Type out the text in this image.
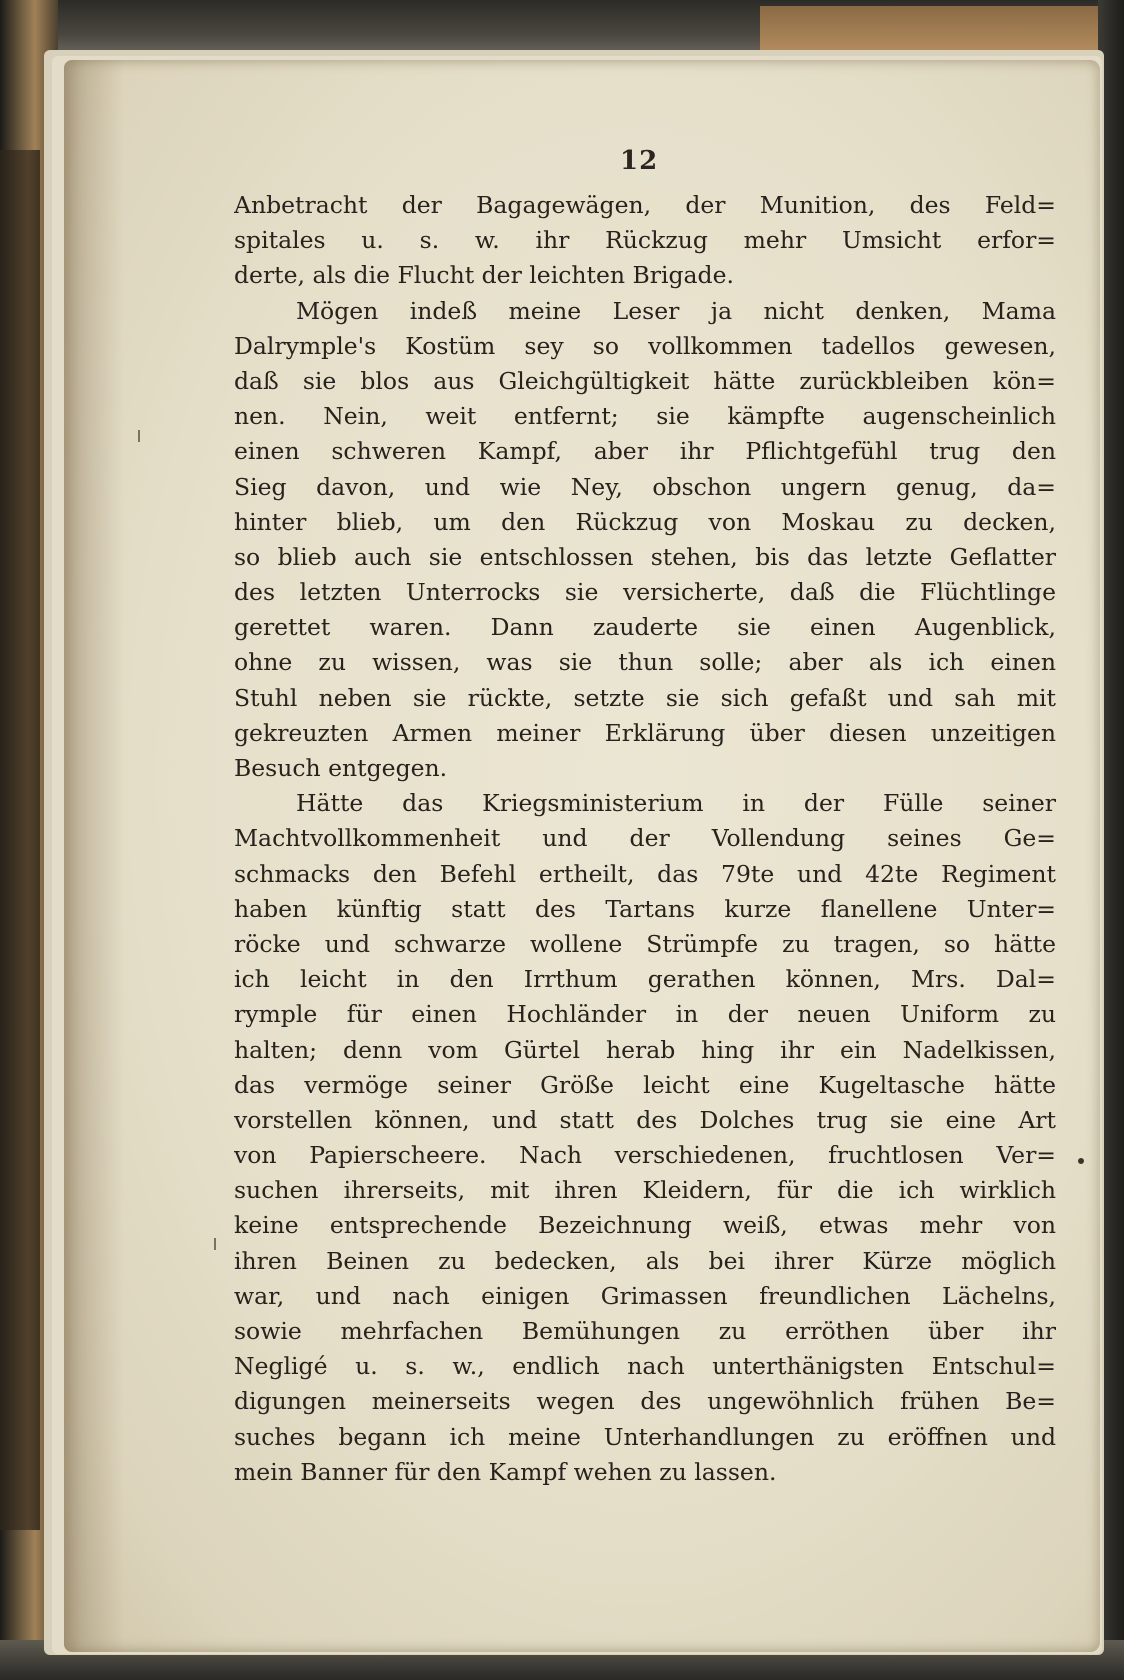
12
Anbetracht der Bagagewägen, der Munition, des Feld=
spitales u. s. w. ihr Rückzug mehr Umsicht erfor=
derte, als die Flucht der leichten Brigade.
Mögen indeß meine Leser ja nicht denken, Mama
Dalrymple's Kostüm sey so vollkommen tadellos gewesen,
daß sie blos aus Gleichgültigkeit hätte zurückbleiben kön=
nen. Nein, weit entfernt; sie kämpfte augenscheinlich
einen schweren Kampf, aber ihr Pflichtgefühl trug den
Sieg davon, und wie Ney, obschon ungern genug, da=
hinter blieb, um den Rückzug von Moskau zu decken,
so blieb auch sie entschlossen stehen, bis das letzte Geflatter
des letzten Unterrocks sie versicherte, daß die Flüchtlinge
gerettet waren. Dann zauderte sie einen Augenblick,
ohne zu wissen, was sie thun solle; aber als ich einen
Stuhl neben sie rückte, setzte sie sich gefaßt und sah mit
gekreuzten Armen meiner Erklärung über diesen unzeitigen
Besuch entgegen.
Hätte das Kriegsministerium in der Fülle seiner
Machtvollkommenheit und der Vollendung seines Ge=
schmacks den Befehl ertheilt, das 79te und 42te Regiment
haben künftig statt des Tartans kurze flanellene Unter=
röcke und schwarze wollene Strümpfe zu tragen, so hätte
ich leicht in den Irrthum gerathen können, Mrs. Dal=
rymple für einen Hochländer in der neuen Uniform zu
halten; denn vom Gürtel herab hing ihr ein Nadelkissen,
das vermöge seiner Größe leicht eine Kugeltasche hätte
vorstellen können, und statt des Dolches trug sie eine Art
von Papierscheere. Nach verschiedenen, fruchtlosen Ver=
suchen ihrerseits, mit ihren Kleidern, für die ich wirklich
keine entsprechende Bezeichnung weiß, etwas mehr von
ihren Beinen zu bedecken, als bei ihrer Kürze möglich
war, und nach einigen Grimassen freundlichen Lächelns,
sowie mehrfachen Bemühungen zu erröthen über ihr
Negligé u. s. w., endlich nach unterthänigsten Entschul=
digungen meinerseits wegen des ungewöhnlich frühen Be=
suches begann ich meine Unterhandlungen zu eröffnen und
mein Banner für den Kampf wehen zu lassen.
